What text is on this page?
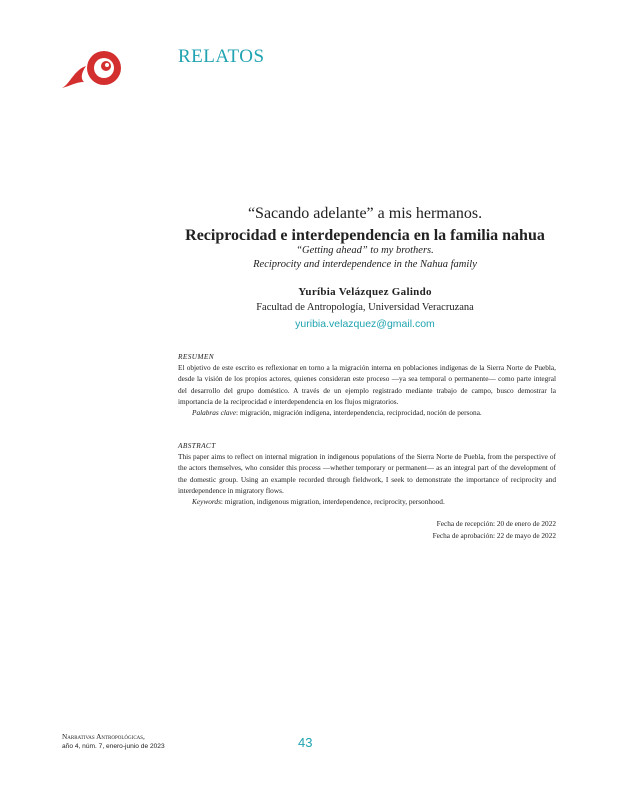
RELATOS
“Sacando adelante” a mis hermanos.
Reciprocidad e interdependencia en la familia nahua
“Getting ahead” to my brothers.
Reciprocity and interdependence in the Nahua family
Yuríbia Velázquez Galindo
Facultad de Antropología, Universidad Veracruzana
yuribia.velazquez@gmail.com
RESUMEN

El objetivo de este escrito es reflexionar en torno a la migración interna en poblaciones indígenas de la Sierra Norte de Puebla, desde la visión de los propios actores, quienes consideran este proceso —ya sea temporal o permanente— como parte integral del desarrollo del grupo doméstico. A través de un ejemplo registrado mediante trabajo de campo, busco demostrar la importancia de la reciprocidad e interdependencia en los flujos migratorios.

Palabras clave: migración, migración indígena, interdependencia, reciprocidad, noción de persona.

ABSTRACT

This paper aims to reflect on internal migration in indigenous populations of the Sierra Norte de Puebla, from the perspective of the actors themselves, who consider this process —whether temporary or permanent— as an integral part of the development of the domestic group. Using an example recorded through fieldwork, I seek to demonstrate the importance of reciprocity and interdependence in migratory flows.

Keywords: migration, indigenous migration, interdependence, reciprocity, personhood.

Fecha de recepción: 20 de enero de 2022
Fecha de aprobación: 22 de mayo de 2022
Narrativas Antropológicas,
año 4, núm. 7, enero-junio de 2023	43
